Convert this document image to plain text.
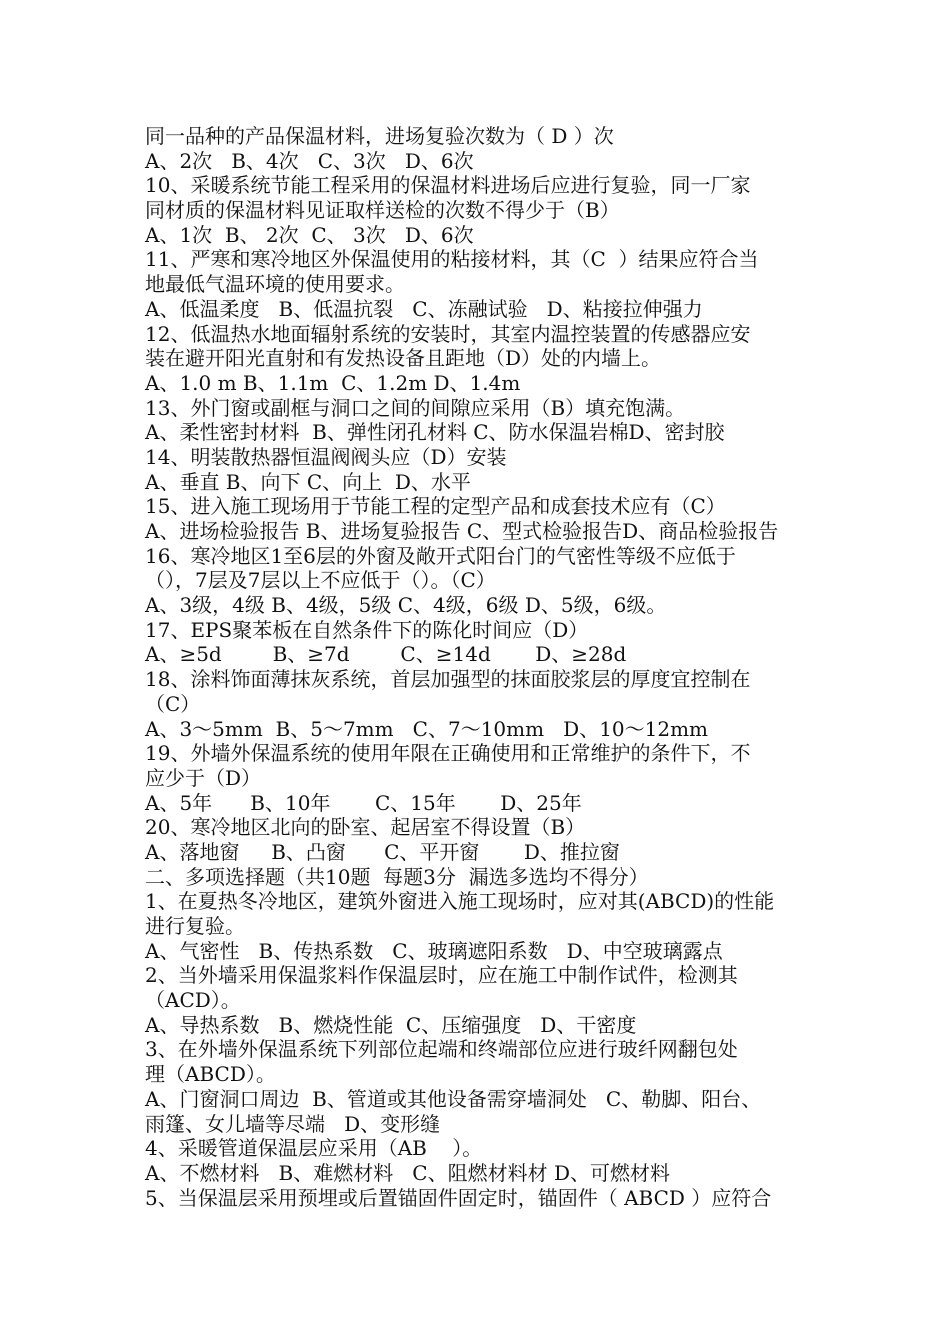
同一品种的产品保温材料，进场复验次数为（ D ）次
A、2次   B、4次   C、3次   D、6次
10、采暖系统节能工程采用的保温材料进场后应进行复验，同一厂家
同材质的保温材料见证取样送检的次数不得少于（B）
A、1次  B、 2次  C、 3次   D、6次
11、严寒和寒冷地区外保温使用的粘接材料，其（C  ）结果应符合当
地最低气温环境的使用要求。
A、低温柔度   B、低温抗裂   C、冻融试验   D、粘接拉伸强力
12、低温热水地面辐射系统的安装时，其室内温控装置的传感器应安
装在避开阳光直射和有发热设备且距地（D）处的内墙上。
A、1.0 m B、1.1m  C、1.2m D、1.4m
13、外门窗或副框与洞口之间的间隙应采用（B）填充饱满。
A、柔性密封材料  B、弹性闭孔材料 C、防水保温岩棉D、密封胶
14、明装散热器恒温阀阀头应（D）安装
A、垂直 B、向下 C、向上  D、水平
15、进入施工现场用于节能工程的定型产品和成套技术应有（C）
A、进场检验报告 B、进场复验报告 C、型式检验报告D、商品检验报告
16、寒冷地区1至6层的外窗及敞开式阳台门的气密性等级不应低于
（），7层及7层以上不应低于（）。（C）
A、3级，4级 B、4级，5级 C、4级，6级 D、5级，6级。
17、EPS聚苯板在自然条件下的陈化时间应（D）
A、≥5d        B、≥7d        C、≥14d       D、≥28d
18、涂料饰面薄抹灰系统，首层加强型的抹面胶浆层的厚度宜控制在
（C）
A、3～5mm  B、5～7mm   C、7～10mm   D、10～12mm
19、外墙外保温系统的使用年限在正确使用和正常维护的条件下，不
应少于（D）
A、5年      B、10年       C、15年       D、25年
20、寒冷地区北向的卧室、起居室不得设置（B）
A、落地窗     B、凸窗      C、平开窗       D、推拉窗
二、多项选择题（共10题  每题3分  漏选多选均不得分）
1、在夏热冬冷地区，建筑外窗进入施工现场时，应对其(ABCD)的性能
进行复验。
A、气密性   B、传热系数   C、玻璃遮阳系数   D、中空玻璃露点
2、当外墙采用保温浆料作保温层时，应在施工中制作试件，检测其
（ACD）。
A、导热系数   B、燃烧性能  C、压缩强度   D、干密度
3、在外墙外保温系统下列部位起端和终端部位应进行玻纤网翻包处
理（ABCD）。
A、门窗洞口周边  B、管道或其他设备需穿墙洞处   C、勒脚、阳台、
雨篷、女儿墙等尽端   D、变形缝
4、采暖管道保温层应采用（AB    ）。
A、不燃材料   B、难燃材料   C、阻燃材料材 D、可燃材料
5、当保温层采用预埋或后置锚固件固定时，锚固件（ ABCD ）应符合
